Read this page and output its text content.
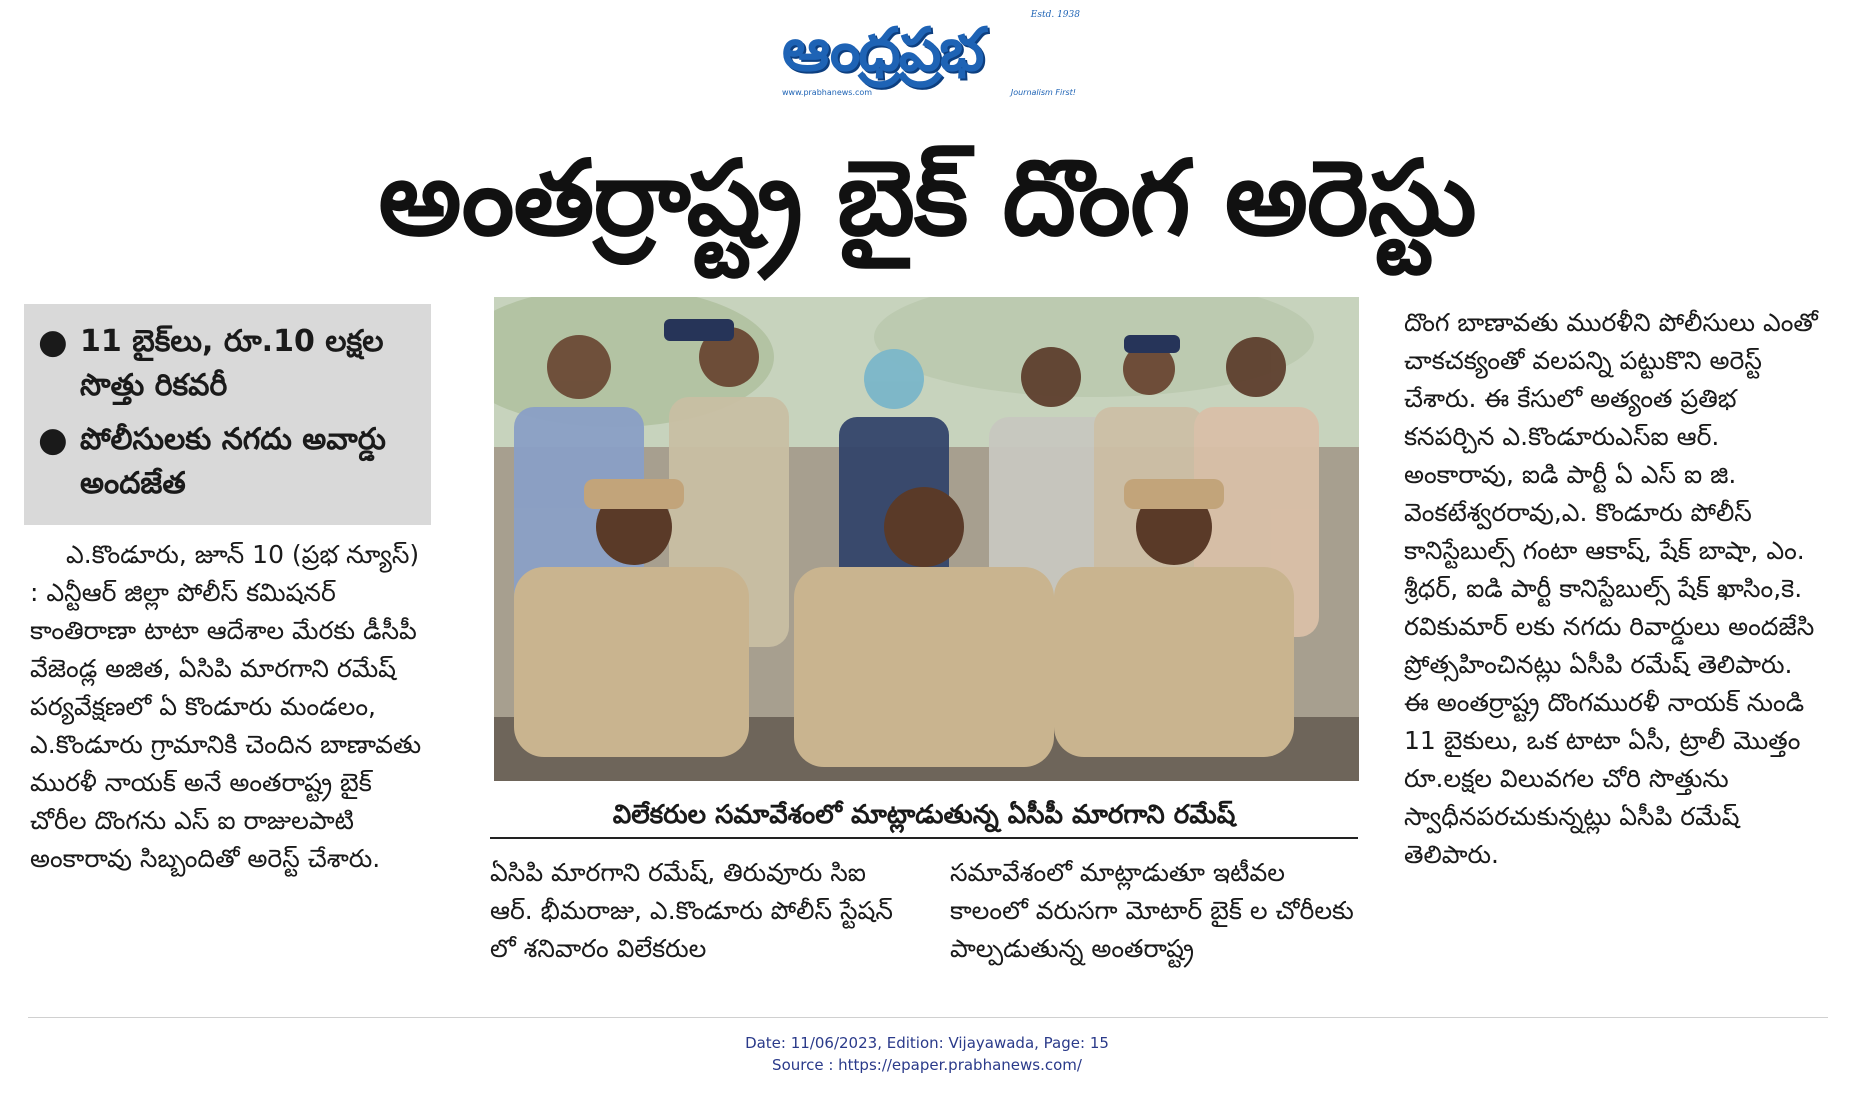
ఆంధ్రప్రభ	Estd. 1938
www.prabhanews.com	Journalism First!
అంతర్రాష్ట్ర బైక్ దొంగ అరెస్టు
● 11 బైక్‌లు, రూ.10 లక్షల సొత్తు రికవరీ
● పోలీసులకు నగదు అవార్డు అందజేత

ఎ.కొండూరు, జూన్ 10 (ప్రభ న్యూస్) : ఎన్టీఆర్ జిల్లా పోలీస్ కమిషనర్ కాంతిరాణా టాటా ఆదేశాల మేరకు డీసీపీ వేజెండ్ల అజిత, ఏసిపి మారగాని రమేష్ పర్యవేక్షణలో ఏ కొండూరు మండలం, ఎ.కొండూరు గ్రామానికి చెందిన బాణావతు మురళీ నాయక్ అనే అంతరాష్ట్ర బైక్ చోరీల దొంగను ఎస్ ఐ రాజులపాటి అంకారావు సిబ్బందితో అరెస్ట్ చేశారు.

విలేకరుల సమావేశంలో మాట్లాడుతున్న ఏసీపీ మారగాని రమేష్

ఏసిపి మారగాని రమేష్, తిరువూరు సిఐ ఆర్. భీమరాజు, ఎ.కొండూరు పోలీస్ స్టేషన్ లో శనివారం విలేకరుల

సమావేశంలో మాట్లాడుతూ ఇటీవల కాలంలో వరుసగా మోటార్ బైక్ ల చోరీలకు పాల్పడుతున్న అంతరాష్ట్ర

దొంగ బాణావతు మురళీని పోలీసులు ఎంతో చాకచక్యంతో వలపన్ని పట్టుకొని అరెస్ట్ చేశారు. ఈ కేసులో అత్యంత ప్రతిభ కనపర్చిన ఎ.కొండూరుఎస్ఐ ఆర్. అంకారావు, ఐడి పార్టీ ఏ ఎస్ ఐ జి. వెంకటేశ్వరరావు,ఎ. కొండూరు పోలీస్ కానిస్టేబుల్స్ గంటా ఆకాష్, షేక్ బాషా, ఎం. శ్రీధర్, ఐడి పార్టీ కానిస్టేబుల్స్ షేక్ ఖాసిం,కె. రవికుమార్ లకు నగదు రివార్డులు అందజేసి ప్రోత్సహించినట్లు ఏసీపి రమేష్ తెలిపారు. ఈ అంతర్రాష్ట్ర దొంగమురళీ నాయక్ నుండి 11 బైకులు, ఒక టాటా ఏసీ, ట్రాలీ మొత్తం రూ.లక్షల విలువగల చోరి సొత్తును స్వాధీనపరచుకున్నట్లు ఏసీపి రమేష్ తెలిపారు.

Date: 11/06/2023, Edition: Vijayawada, Page: 15
Source : https://epaper.prabhanews.com/
